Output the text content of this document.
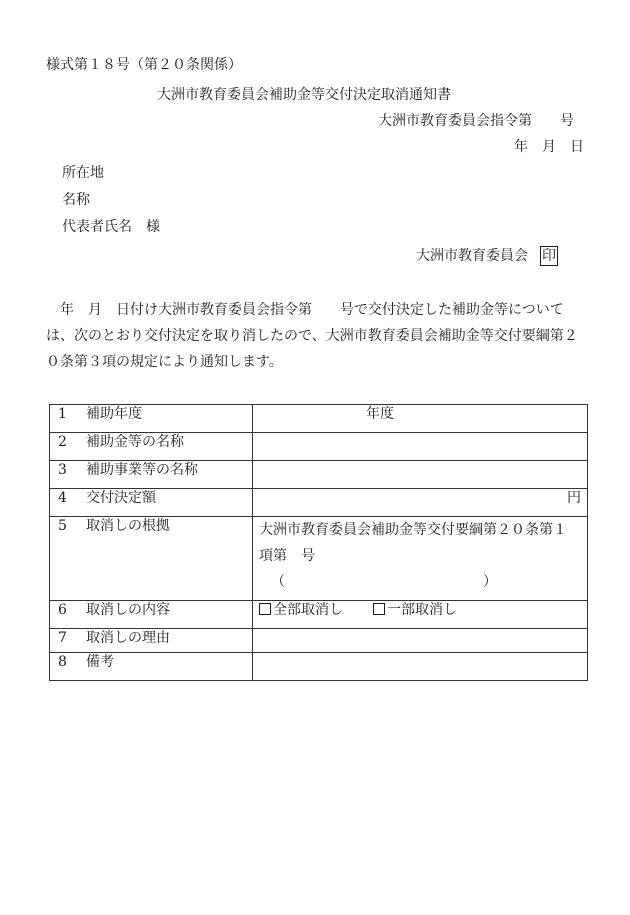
様式第１８号（第２０条関係）
大洲市教育委員会補助金等交付決定取消通知書
大洲市教育委員会指令第　　号
年　月　日
所在地
名称
代表者氏名　様
大洲市教育委員会 印
　年　月　日付け大洲市教育委員会指令第　　号で交付決定した補助金等については、次のとおり交付決定を取り消したので、大洲市教育委員会補助金等交付要綱第２０条第３項の規定により通知します。
1 補助年度	年度

2 補助金等の名称	
3 補助事業等の名称	
4 交付決定額	円

5 取消しの根拠	大洲市教育委員会補助金等交付要綱第２０条第１
項第　号
（ ）

6 取消しの内容	全部取消し 一部取消し
7 取消しの理由	
8 備考	
